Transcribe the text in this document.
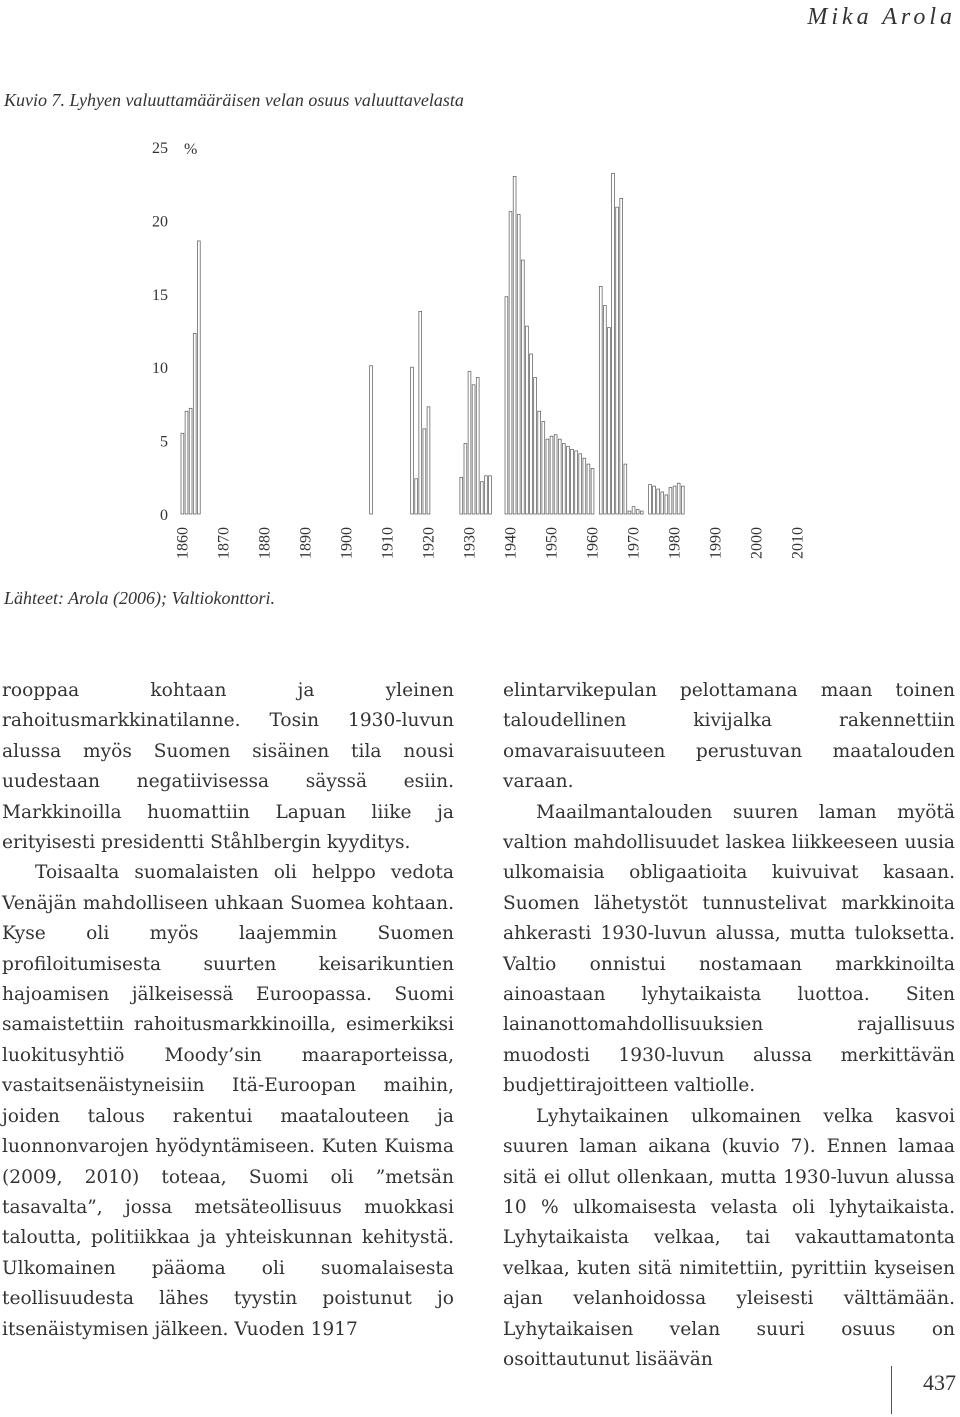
Mika Arola
Kuvio 7. Lyhyen valuuttamääräisen velan osuus valuuttavelasta
%
0
5
10
15
20
25
1860 1870 1880 1890 1900 1910 1920 1930 1940 1950 1960 1970 1980 1990 2000 2010
Lähteet: Arola (2006); Valtiokonttori.

rooppaa kohtaan ja yleinen rahoitusmarkkinatilanne. Tosin 1930-luvun alussa myös Suomen sisäinen tila nousi uudestaan negatiivisessa säyssä esiin. Markkinoilla huomattiin Lapuan liike ja erityisesti presidentti Ståhlbergin kyyditys.

Toisaalta suomalaisten oli helppo vedota Venäjän mahdolliseen uhkaan Suomea kohtaan. Kyse oli myös laajemmin Suomen profiloitumisesta suurten keisarikuntien hajoamisen jälkeisessä Euroopassa. Suomi samaistettiin rahoitusmarkkinoilla, esimerkiksi luokitusyhtiö Moody’sin maaraporteissa, vastaitsenäistyneisiin Itä-Euroopan maihin, joiden talous rakentui maatalouteen ja luonnonvarojen hyödyntämiseen. Kuten Kuisma (2009, 2010) toteaa, Suomi oli ”metsän tasavalta”, jossa metsäteollisuus muokkasi taloutta, politiikkaa ja yhteiskunnan kehitystä. Ulkomainen pääoma oli suomalaisesta teollisuudesta lähes tyystin poistunut jo itsenäistymisen jälkeen. Vuoden 1917

elintarvikepulan pelottamana maan toinen taloudellinen kivijalka rakennettiin omavaraisuuteen perustuvan maatalouden varaan.

Maailmantalouden suuren laman myötä valtion mahdollisuudet laskea liikkeeseen uusia ulkomaisia obligaatioita kuivuivat kasaan. Suomen lähetystöt tunnustelivat markkinoita ahkerasti 1930-luvun alussa, mutta tuloksetta. Valtio onnistui nostamaan markkinoilta ainoastaan lyhytaikaista luottoa. Siten lainanottomahdollisuuksien rajallisuus muodosti 1930-luvun alussa merkittävän budjettirajoitteen valtiolle.

Lyhytaikainen ulkomainen velka kasvoi suuren laman aikana (kuvio 7). Ennen lamaa sitä ei ollut ollenkaan, mutta 1930-luvun alussa 10 % ulkomaisesta velasta oli lyhytaikaista. Lyhytaikaista velkaa, tai vakauttamatonta velkaa, kuten sitä nimitettiin, pyrittiin kyseisen ajan velanhoidossa yleisesti välttämään. Lyhytaikaisen velan suuri osuus on osoittautunut lisäävän

437
